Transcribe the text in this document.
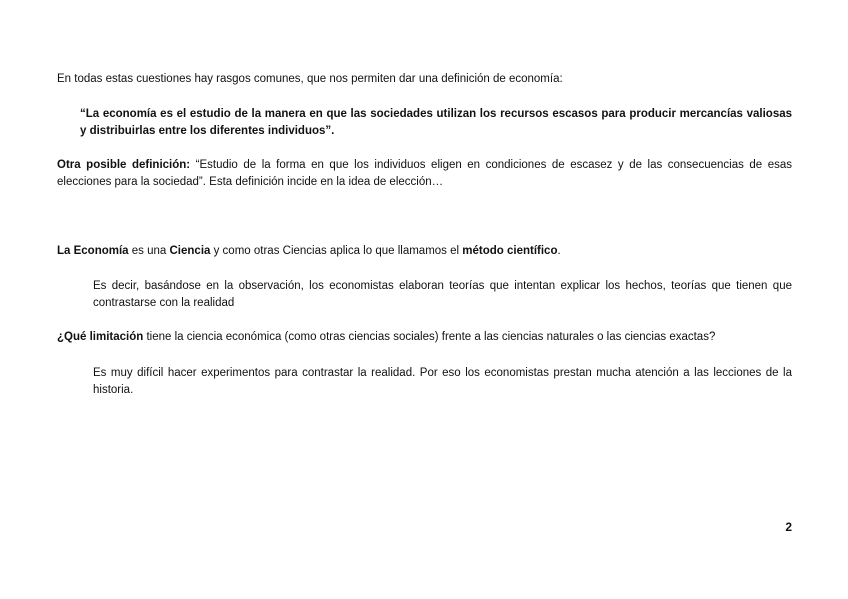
En todas estas cuestiones hay rasgos comunes, que nos permiten dar una definición de economía:

“La economía es el estudio de la manera en que las sociedades utilizan los recursos escasos para producir mercancías valiosas y distribuirlas entre los diferentes individuos”.

Otra posible definición: “Estudio de la forma en que los individuos eligen en condiciones de escasez y de las consecuencias de esas elecciones para la sociedad”. Esta definición incide en la idea de elección…

La Economía es una Ciencia y como otras Ciencias aplica lo que llamamos el método científico.

Es decir, basándose en la observación, los economistas elaboran teorías que intentan explicar los hechos, teorías que tienen que contrastarse con la realidad

¿Qué limitación tiene la ciencia económica (como otras ciencias sociales) frente a las ciencias naturales o las ciencias exactas?

Es muy difícil hacer experimentos para contrastar la realidad. Por eso los economistas prestan mucha atención a las lecciones de la historia.

2
